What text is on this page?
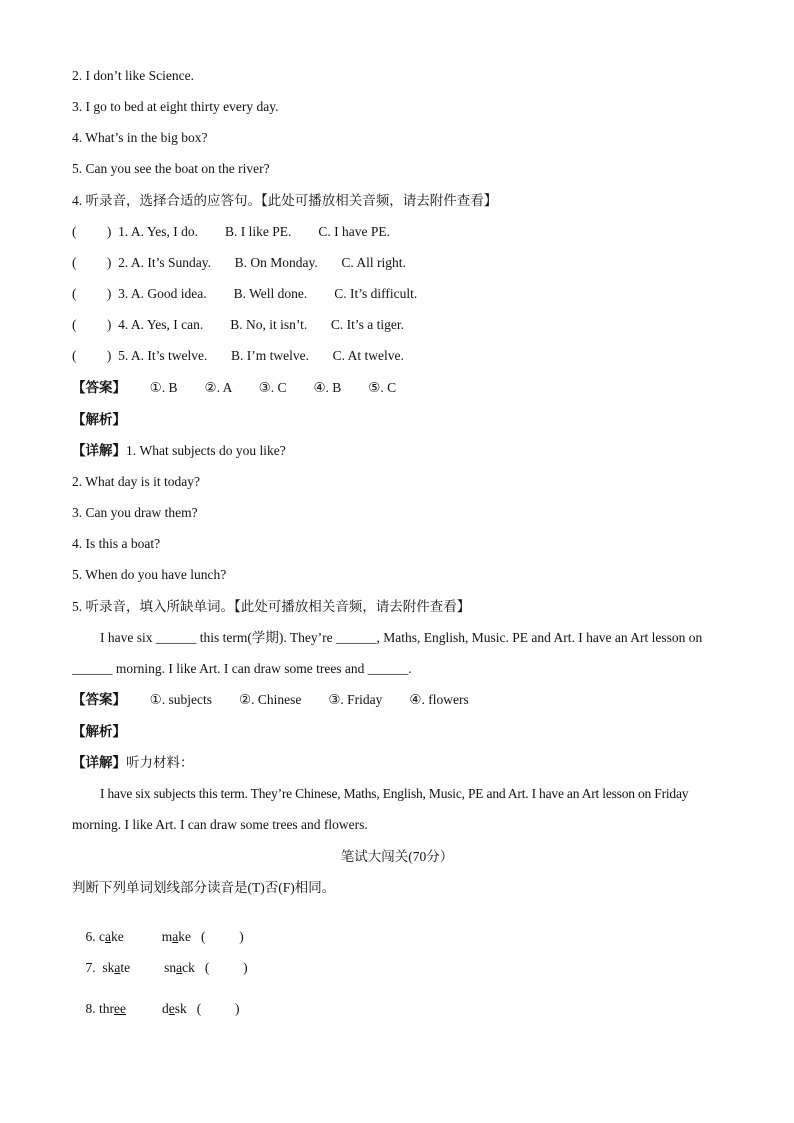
2. I don’t like Science.
3. I go to bed at eight thirty every day.
4. What’s in the big box?
5. Can you see the boat on the river?
4. 听录音，选择合适的应答句。【此处可播放相关音频，请去附件查看】
(         )  1. A. Yes, I do.        B. I like PE.        C. I have PE.
(         )  2. A. It’s Sunday.       B. On Monday.       C. All right.
(         )  3. A. Good idea.        B. Well done.        C. It’s difficult.
(         )  4. A. Yes, I can.        B. No, it isn’t.       C. It’s a tiger.
(         )  5. A. It’s twelve.       B. I’m twelve.       C. At twelve.
【答案】       ①. B        ②. A        ③. C        ④. B        ⑤. C
【解析】
【详解】1. What subjects do you like?
2. What day is it today?
3. Can you draw them?
4. Is this a boat?
5. When do you have lunch?
5. 听录音，填入所缺单词。【此处可播放相关音频，请去附件查看】
I have six ______ this term(学期). They’re ______, Maths, English, Music. PE and Art. I have an Art lesson on
______ morning. I like Art. I can draw some trees and ______.
【答案】       ①. subjects        ②. Chinese        ③. Friday        ④. flowers
【解析】
【详解】听力材料：
I have six subjects this term. They’re Chinese, Maths, English, Music, PE and Art. I have an Art lesson on Friday
morning. I like Art. I can draw some trees and flowers.
笔试大闯关(70分）
判断下列单词划线部分读音是(T)否(F)相同。

6. cake	make (          )

7.  skate	snack (          )

8. three	desk (          )
